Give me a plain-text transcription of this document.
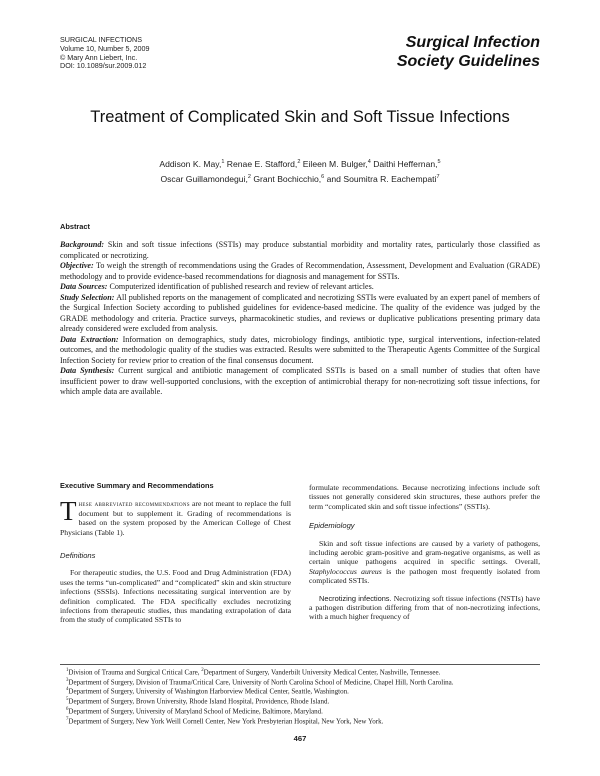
SURGICAL INFECTIONS
Volume 10, Number 5, 2009
© Mary Ann Liebert, Inc.
DOI: 10.1089/sur.2009.012
Surgical Infection
Society Guidelines
Treatment of Complicated Skin and Soft Tissue Infections
Addison K. May,$^1$ Renae E. Stafford,$^2$ Eileen M. Bulger,$^4$ Daithi Heffernan,$^5$
Oscar Guillamondegui,$^2$ Grant Bochicchio,$^6$ and Soumitra R. Eachempati$^7$
Abstract

Background: Skin and soft tissue infections (SSTIs) may produce substantial morbidity and mortality rates, particularly those classified as complicated or necrotizing.

Objective: To weigh the strength of recommendations using the Grades of Recommendation, Assessment, Development and Evaluation (GRADE) methodology and to provide evidence-based recommendations for diagnosis and management for SSTIs.

Data Sources: Computerized identification of published research and review of relevant articles.

Study Selection: All published reports on the management of complicated and necrotizing SSTIs were evaluated by an expert panel of members of the Surgical Infection Society according to published guidelines for evidence-based medicine. The quality of the evidence was judged by the GRADE methodology and criteria. Practice surveys, pharmacokinetic studies, and reviews or duplicative publications presenting primary data already considered were excluded from analysis.

Data Extraction: Information on demographics, study dates, microbiology findings, antibiotic type, surgical interventions, infection-related outcomes, and the methodologic quality of the studies was extracted. Results were submitted to the Therapeutic Agents Committee of the Surgical Infection Society for review prior to creation of the final consensus document.

Data Synthesis: Current surgical and antibiotic management of complicated SSTIs is based on a small number of studies that often have insufficient power to draw well-supported conclusions, with the exception of antimicrobial therapy for non-necrotizing soft tissue infections, for which ample data are available.

Executive Summary and Recommendations

These abbreviated recommendations are not meant to replace the full document but to supplement it. Grading of recommendations is based on the system proposed by the American College of Chest Physicians (Table 1).

Definitions

For therapeutic studies, the U.S. Food and Drug Administration (FDA) uses the terms “un-complicated” and “complicated” skin and skin structure infections (SSSIs). Infections necessitating surgical intervention are by definition complicated. The FDA specifically excludes necrotizing infections from therapeutic studies, thus mandating extrapolation of data from the study of complicated SSTIs to

formulate recommendations. Because necrotizing infections include soft tissues not generally considered skin structures, these authors prefer the term “complicated skin and soft tissue infections” (SSTIs).

Epidemiology

Skin and soft tissue infections are caused by a variety of pathogens, including aerobic gram-positive and gram-negative organisms, as well as certain unique pathogens acquired in specific settings. Overall, Staphylococcus aureus is the pathogen most frequently isolated from complicated SSTIs.

Necrotizing infections. Necrotizing soft tissue infections (NSTIs) have a pathogen distribution differing from that of non-necrotizing infections, with a much higher frequency of

$^1$Division of Trauma and Surgical Critical Care, $^2$Department of Surgery, Vanderbilt University Medical Center, Nashville, Tennessee.
$^3$Department of Surgery, Division of Trauma/Critical Care, University of North Carolina School of Medicine, Chapel Hill, North Carolina.
$^4$Department of Surgery, University of Washington Harborview Medical Center, Seattle, Washington.
$^5$Department of Surgery, Brown University, Rhode Island Hospital, Providence, Rhode Island.
$^6$Department of Surgery, University of Maryland School of Medicine, Baltimore, Maryland.
$^7$Department of Surgery, New York Weill Cornell Center, New York Presbyterian Hospital, New York, New York.
467
